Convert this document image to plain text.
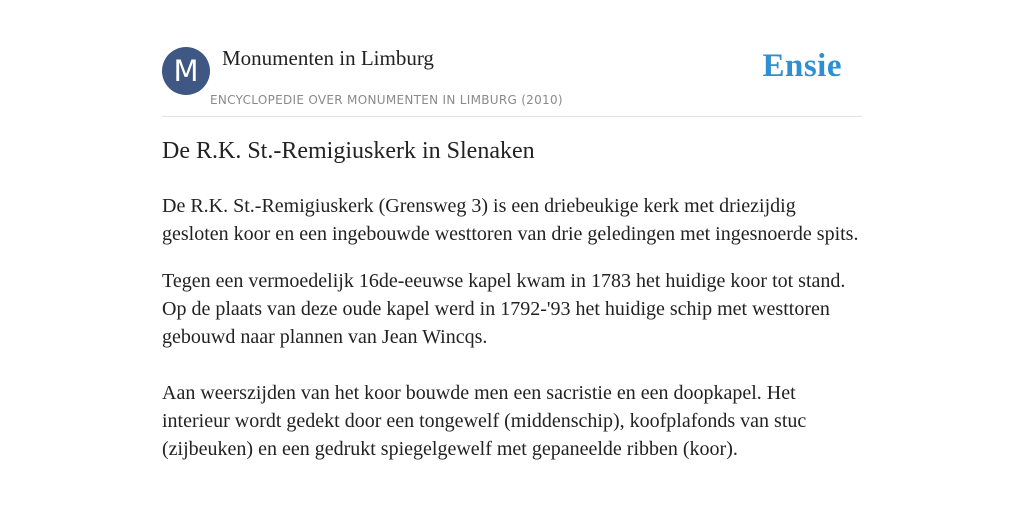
M	Monumenten in Limburg
ENCYCLOPEDIE OVER MONUMENTEN IN LIMBURG (2010)
Ensie
De R.K. St.-Remigiuskerk in Slenaken

De R.K. St.-Remigiuskerk (Grensweg 3) is een driebeukige kerk met driezijdig gesloten koor en een ingebouwde westtoren van drie geledingen met ingesnoerde spits.

Tegen een vermoedelijk 16de-eeuwse kapel kwam in 1783 het huidige koor tot stand. Op de plaats van deze oude kapel werd in 1792-'93 het huidige schip met westtoren gebouwd naar plannen van Jean Wincqs.

Aan weerszijden van het koor bouwde men een sacristie en een doopkapel. Het interieur wordt gedekt door een tongewelf (middenschip), koofplafonds van stuc (zijbeuken) en een gedrukt spiegelgewelf met gepaneelde ribben (koor).
